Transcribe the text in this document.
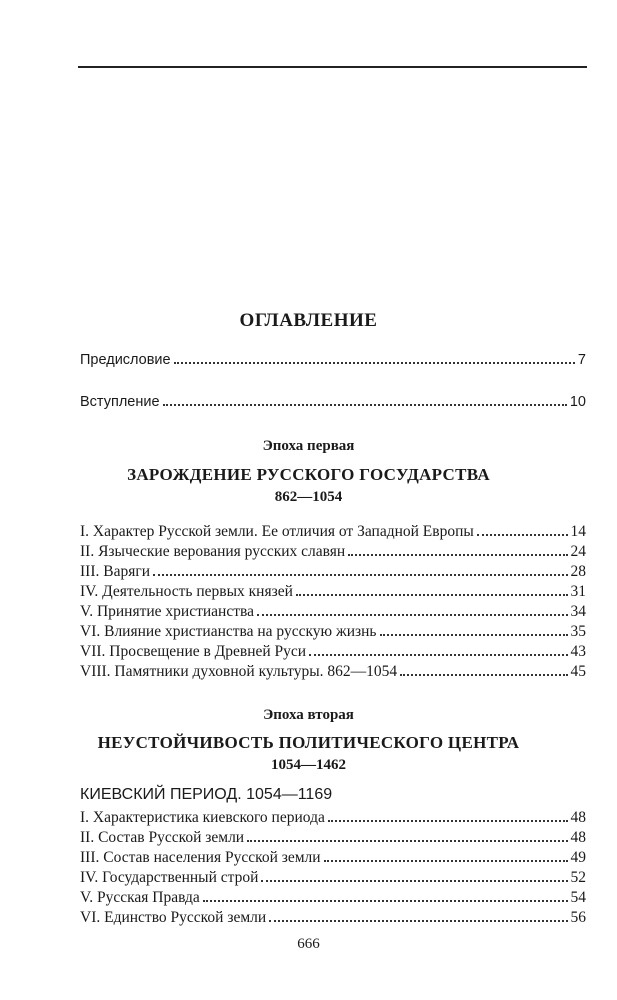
ОГЛАВЛЕНИЕ
Предисловие	7
Вступление	10
Эпоха первая
ЗАРОЖДЕНИЕ РУССКОГО ГОСУДАРСТВА
862—1054
I. Характер Русской земли. Ее отличия от Западной Европы	14
II. Языческие верования русских славян	24
III. Варяги	28
IV. Деятельность первых князей	31
V. Принятие христианства	34
VI. Влияние христианства на русскую жизнь	35
VII. Просвещение в Древней Руси	43
VIII. Памятники духовной культуры. 862—1054	45
Эпоха вторая
НЕУСТОЙЧИВОСТЬ ПОЛИТИЧЕСКОГО ЦЕНТРА
1054—1462
КИЕВСКИЙ ПЕРИОД. 1054—1169
I. Характеристика киевского периода	48
II. Состав Русской земли	48
III. Состав населения Русской земли	49
IV. Государственный строй	52
V. Русская Правда	54
VI. Единство Русской земли	56
666
